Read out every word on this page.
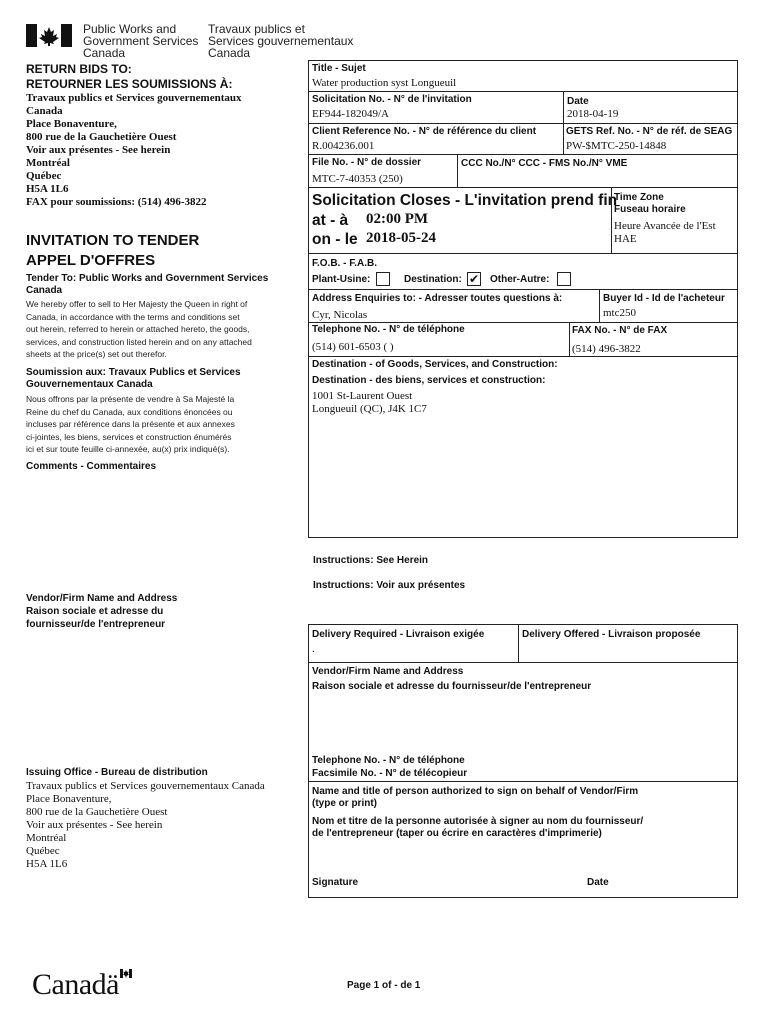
Public Works and
Government Services
Canada
Travaux publics et
Services gouvernementaux
Canada
RETURN BIDS TO:
RETOURNER LES SOUMISSIONS À:
Travaux publics et Services gouvernementaux
Canada
Place Bonaventure,
800 rue de la Gauchetière Ouest
Voir aux présentes - See herein
Montréal
Québec
H5A 1L6
FAX pour soumissions: (514) 496-3822
INVITATION TO TENDER
APPEL D'OFFRES
Tender To: Public Works and Government Services
Canada
We hereby offer to sell to Her Majesty the Queen in right of
Canada, in accordance with the terms and conditions set
out herein, referred to herein or attached hereto, the goods,
services, and construction listed herein and on any attached
sheets at the price(s) set out therefor.
Soumission aux: Travaux Publics et Services
Gouvernementaux Canada
Nous offrons par la présente de vendre à Sa Majesté la
Reine du chef du Canada, aux conditions énoncées ou
incluses par référence dans la présente et aux annexes
ci-jointes, les biens, services et construction énumérés
ici et sur toute feuille ci-annexée, au(x) prix indiqué(s).
Comments - Commentaires
Vendor/Firm Name and Address
Raison sociale et adresse du
fournisseur/de l'entrepreneur
Issuing Office - Bureau de distribution
Travaux publics et Services gouvernementaux Canada
Place Bonaventure,
800 rue de la Gauchetière Ouest
Voir aux présentes - See herein
Montréal
Québec
H5A 1L6
Title - Sujet
Water production syst Longueuil
Solicitation No. - N° de l'invitation
EF944-182049/A
Date
2018-04-19
Client Reference No. - N° de référence du client
R.004236.001
GETS Ref. No. - N° de réf. de SEAG
PW-$MTC-250-14848
File No. - N° de dossier
MTC-7-40353 (250)
CCC No./N° CCC - FMS No./N° VME
Solicitation Closes - L'invitation prend fin
at - à 02:00 PM
on - le 2018-05-24
Time Zone
Fuseau horaire
Heure Avancée de l'Est
HAE
F.O.B. - F.A.B.
Plant-Usine:	Destination: ✔ Other-Autre:
Address Enquiries to: - Adresser toutes questions à:
Cyr, Nicolas
Buyer Id - Id de l'acheteur
mtc250
Telephone No. - N° de téléphone
(514) 601-6503 ( )
FAX No. - N° de FAX
(514) 496-3822
Destination - of Goods, Services, and Construction:
Destination - des biens, services et construction:
1001 St-Laurent Ouest
Longueuil (QC), J4K 1C7
Instructions: See Herein
Instructions: Voir aux présentes
Delivery Required - Livraison exigée
.
Delivery Offered - Livraison proposée
Vendor/Firm Name and Address
Raison sociale et adresse du fournisseur/de l'entrepreneur
Telephone No. - N° de téléphone
Facsimile No. - N° de télécopieur
Name and title of person authorized to sign on behalf of Vendor/Firm
(type or print)
Nom et titre de la personne autorisée à signer au nom du fournisseur/
de l'entrepreneur (taper ou écrire en caractères d'imprimerie)
Signature	Date
Canadä	Page 1 of - de 1
